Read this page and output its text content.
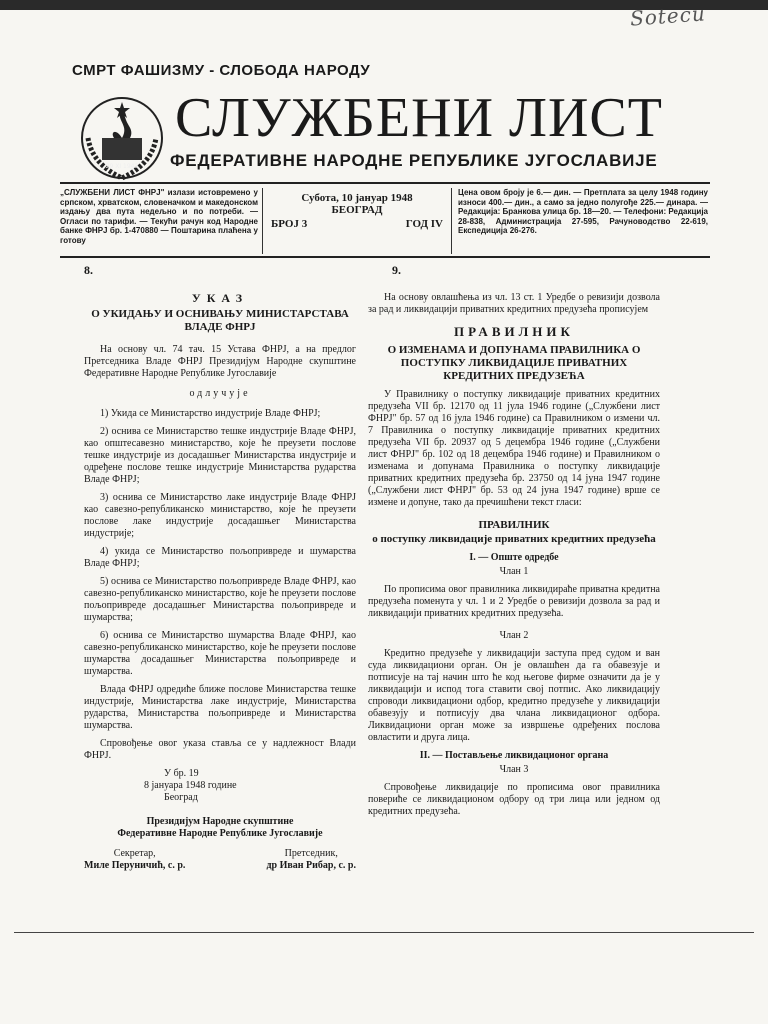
Sotecu
СМРТ ФАШИЗМУ - СЛОБОДА НАРОДУ
29 XI 1943
СЛУЖБЕНИ ЛИСТ
ФЕДЕРАТИВНЕ НАРОДНЕ РЕПУБЛИКЕ ЈУГОСЛАВИЈЕ
„СЛУЖБЕНИ ЛИСТ ФНРЈ" излази истовремено у српском, хрватском, словеначком и македонском издању два пута недељно и по потреби. — Огласи по тарифи. — Текући рачун код Народне банке ФНРЈ бр. 1-470880 — Поштарина плаћена у готову
Субота, 10 јануар 1948
БЕОГРАД
БРОЈ 3	ГОД IV
Цена овом броју је 6.— дин. — Претплата за целу 1948 годину износи 400.— дин., а само за једно полугође 225.— динара. — Редакција: Бранкова улица бр. 18—20. — Телефони: Редакција 28-838, Администрација 27-595, Рачуноводство 22-619, Експедиција 26-276.
8.
УКАЗ
О УКИДАЊУ И ОСНИВАЊУ МИНИСТАРСТАВА ВЛАДЕ ФНРЈ

На основу чл. 74 тач. 15 Устава ФНРЈ, а на предлог Претседника Владе ФНРЈ Президијум Народне скупштине Федеративне Народне Републике Југославије

одлучује

1) Укида се Министарство индустрије Владе ФНРЈ;

2) оснива се Министарство тешке индустрије Владе ФНРЈ, као општесавезно министарство, које ће преузети послове тешке индустрије из досадашњег Министарства индустрије и одређене послове тешке индустрије Министарства рударства Владе ФНРЈ;

3) оснива се Министарство лаке индустрије Владе ФНРЈ као савезно-републиканско министарство, које ће преузети послове лаке индустрије досадашњег Министарства индустрије;

4) укида се Министарство пољопривреде и шумарства Владе ФНРЈ;

5) оснива се Министарство пољопривреде Владе ФНРЈ, као савезно-републиканско министарство, које ће преузети послове пољопривреде досадашњег Министарства пољопривреде и шумарства;

6) оснива се Министарство шумарства Владе ФНРЈ, као савезно-републиканско министарство, које ће преузети послове шумарства досадашњег Министарства пољопривреде и шумарства.

Влада ФНРЈ одредиће ближе послове Министарства тешке индустрије, Министарства лаке индустрије, Министарства рударства, Министарства пољопривреде и Министарства шумарства.

Спровођење овог указа ставља се у надлежност Влади ФНРЈ.

У бр. 19
8 јануара 1948 године
Београд
Президијум Народне скупштине
Федеративне Народне Републике Југославије
Секретар,
Миле Перуничић, с. р.
Претседник,
др Иван Рибар, с. р.
9.

На основу овлашћења из чл. 13 ст. 1 Уредбе о ревизији дозвола за рад и ликвидацији приватних кредитних предузећа прописујем

ПРАВИЛНИК
О ИЗМЕНАМА И ДОПУНАМА ПРАВИЛНИКА О ПОСТУПКУ ЛИКВИДАЦИЈЕ ПРИВАТНИХ КРЕДИТНИХ ПРЕДУЗЕЋА

У Правилнику о поступку ликвидације приватних кредитних предузећа VII бр. 12170 од 11 јула 1946 године („Службени лист ФНРЈ" бр. 57 од 16 јула 1946 године) са Правилником о измени чл. 7 Правилника о поступку ликвидације приватних кредитних предузећа VII бр. 20937 од 5 децембра 1946 године („Службени лист ФНРЈ" бр. 102 од 18 децембра 1946 године) и Правилником о изменама и допунама Правилника о поступку ликвидације приватних кредитних предузећа бр. 23750 од 14 јуна 1947 године („Службени лист ФНРЈ" бр. 53 од 24 јуна 1947 године) врше се измене и допуне, тако да пречишћени текст гласи:

ПРАВИЛНИК
о поступку ликвидације приватних кредитних предузећа
I. — Опште одредбе
Члан 1

По прописима овог правилника ликвидираће приватна кредитна предузећа поменута у чл. 1 и 2 Уредбе о ревизији дозвола за рад и ликвидацији приватних кредитних предузећа.

Члан 2

Кредитно предузеће у ликвидацији заступа пред судом и ван суда ликвидациони орган. Он је овлашћен да га обавезује и потписује на тај начин што ће код његове фирме означити да је у ликвидацији и испод тога ставити свој потпис. Ако ликвидацију спроводи ликвидациони одбор, кредитно предузеће у ликвидацији обавезују и потписују два члана ликвидационог одбора. Ликвидациони орган може за извршење одређених послова овластити и друга лица.

II. — Постављење ликвидационог органа
Члан 3

Спровођење ликвидације по прописима овог правилника повериће се ликвидационом одбору од три лица или једном од кредитних предузећа.
